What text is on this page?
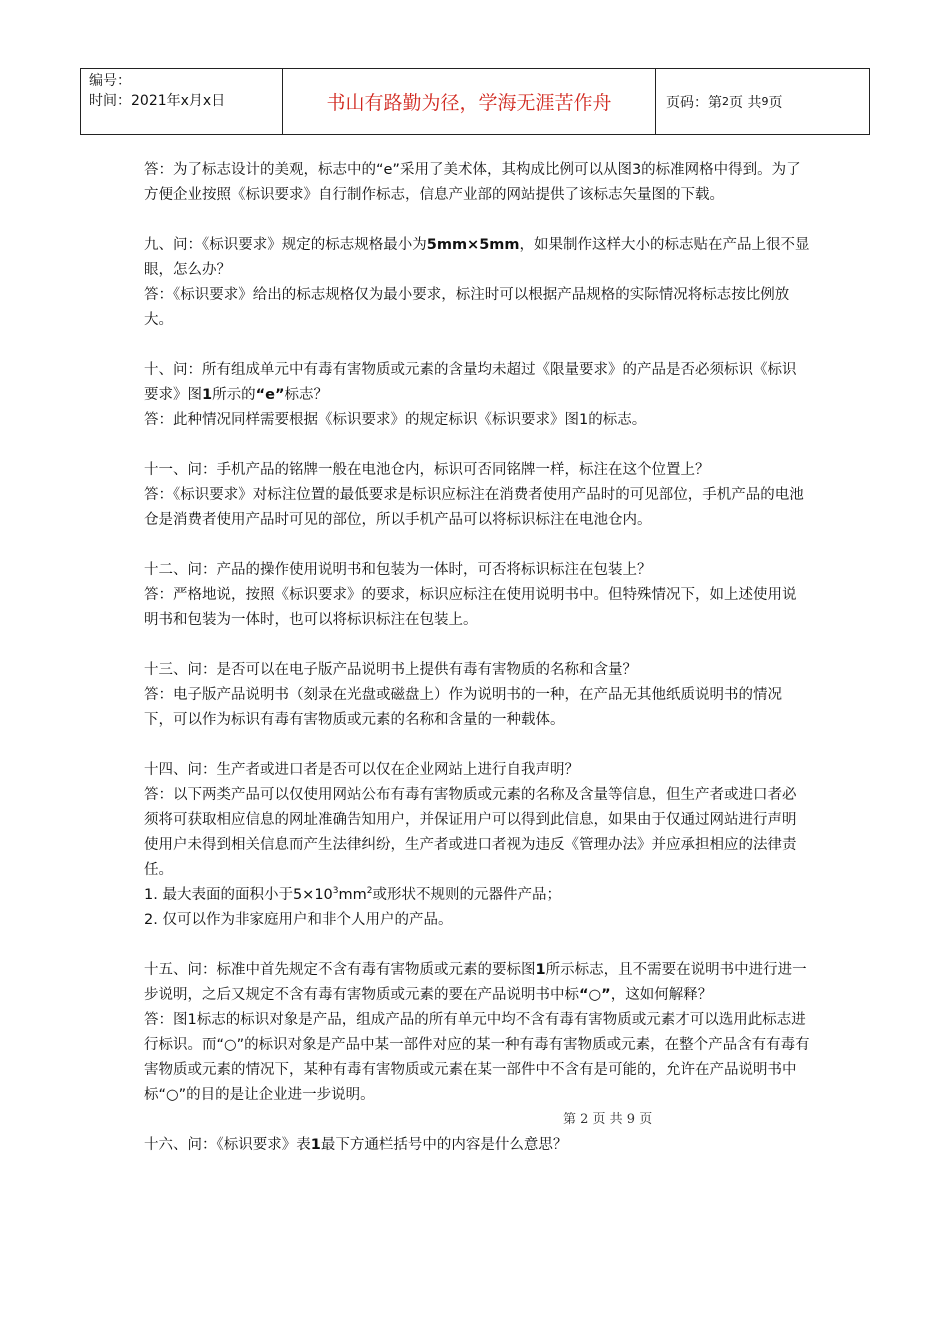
编号：
时间：2021年x月x日	书山有路勤为径，学海无涯苦作舟	页码：第 2 页 共 9 页

答：为了标志设计的美观，标志中的“e”采用了美术体，其构成比例可以从图3的标准网格中得到。为了方便企业按照《标识要求》自行制作标志，信息产业部的网站提供了该标志矢量图的下载。

九、问：《标识要求》规定的标志规格最小为5mm×5mm，如果制作这样大小的标志贴在产品上很不显眼，怎么办？

答：《标识要求》给出的标志规格仅为最小要求，标注时可以根据产品规格的实际情况将标志按比例放大。

十、问：所有组成单元中有毒有害物质或元素的含量均未超过《限量要求》的产品是否必须标识《标识要求》图1所示的“e”标志？

答：此种情况同样需要根据《标识要求》的规定标识《标识要求》图1的标志。

十一、问：手机产品的铭牌一般在电池仓内，标识可否同铭牌一样，标注在这个位置上？

答：《标识要求》对标注位置的最低要求是标识应标注在消费者使用产品时的可见部位，手机产品的电池仓是消费者使用产品时可见的部位，所以手机产品可以将标识标注在电池仓内。

十二、问：产品的操作使用说明书和包装为一体时，可否将标识标注在包装上？

答：严格地说，按照《标识要求》的要求，标识应标注在使用说明书中。但特殊情况下，如上述使用说明书和包装为一体时，也可以将标识标注在包装上。

十三、问：是否可以在电子版产品说明书上提供有毒有害物质的名称和含量？

答：电子版产品说明书（刻录在光盘或磁盘上）作为说明书的一种，在产品无其他纸质说明书的情况下，可以作为标识有毒有害物质或元素的名称和含量的一种载体。

十四、问：生产者或进口者是否可以仅在企业网站上进行自我声明？

答：以下两类产品可以仅使用网站公布有毒有害物质或元素的名称及含量等信息，但生产者或进口者必须将可获取相应信息的网址准确告知用户，并保证用户可以得到此信息，如果由于仅通过网站进行声明使用户未得到相关信息而产生法律纠纷，生产者或进口者视为违反《管理办法》并应承担相应的法律责任。

1. 最大表面的面积小于$5\times 10^3mm^2$或形状不规则的元器件产品；

2. 仅可以作为非家庭用户和非个人用户的产品。

十五、问：标准中首先规定不含有毒有害物质或元素的要标图1所示标志，且不需要在说明书中进行进一步说明，之后又规定不含有毒有害物质或元素的要在产品说明书中标“○”，这如何解释？

答：图1标志的标识对象是产品，组成产品的所有单元中均不含有毒有害物质或元素才可以选用此标志进行标识。而“○”的标识对象是产品中某一部件对应的某一种有毒有害物质或元素，在整个产品含有有毒有害物质或元素的情况下，某种有毒有害物质或元素在某一部件中不含有是可能的，允许在产品说明书中标“○”的目的是让企业进一步说明。

十六、问：《标识要求》表1最下方通栏括号中的内容是什么意思？

第 2 页 共 9 页
